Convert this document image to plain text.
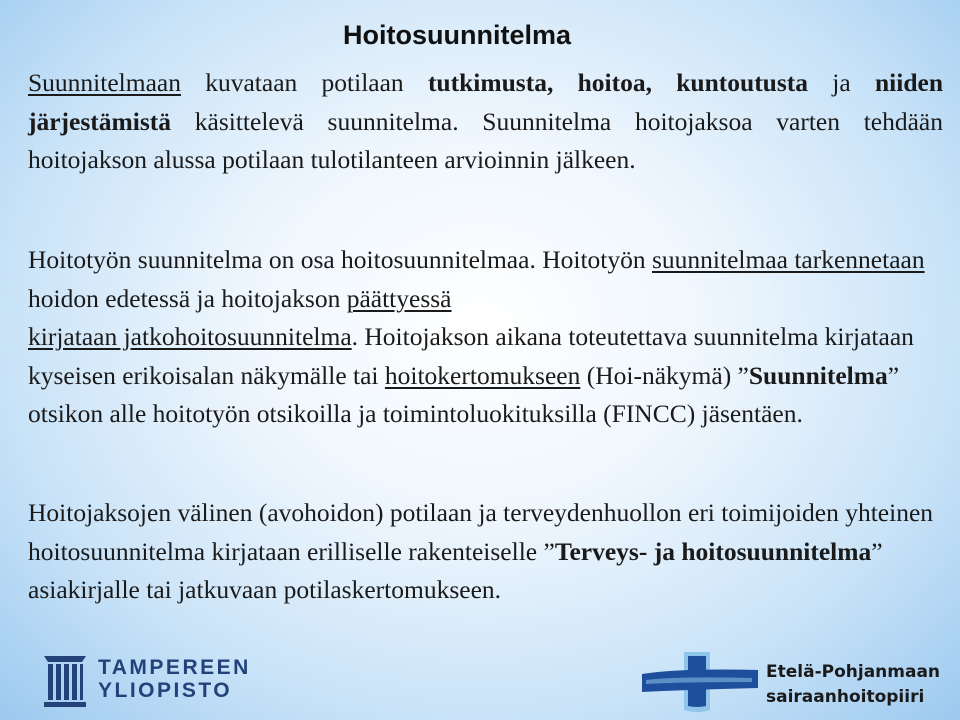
Hoitosuunnitelma

Suunnitelmaan kuvataan potilaan tutkimusta, hoitoa, kuntoutusta ja niiden järjestämistä käsittelevä suunnitelma. Suunnitelma hoitojaksoa varten tehdään hoitojakson alussa potilaan tulotilanteen arvioinnin jälkeen.

Hoitotyön suunnitelma on osa hoitosuunnitelmaa. Hoitotyön suunnitelmaa tarkennetaan hoidon edetessä ja hoitojakson päättyessä
kirjataan jatkohoitosuunnitelma. Hoitojakson aikana toteutettava suunnitelma kirjataan kyseisen erikoisalan näkymälle tai hoitokertomukseen (Hoi-näkymä) ”Suunnitelma” otsikon alle hoitotyön otsikoilla ja toimintoluokituksilla (FINCC) jäsentäen.

Hoitojaksojen välinen (avohoidon) potilaan ja terveydenhuollon eri toimijoiden yhteinen hoitosuunnitelma kirjataan erilliselle rakenteiselle ”Terveys- ja hoitosuunnitelma” asiakirjalle tai jatkuvaan potilaskertomukseen.

TAMPEREEN
YLIOPISTO
Etelä-Pohjanmaan
sairaanhoitopiiri
